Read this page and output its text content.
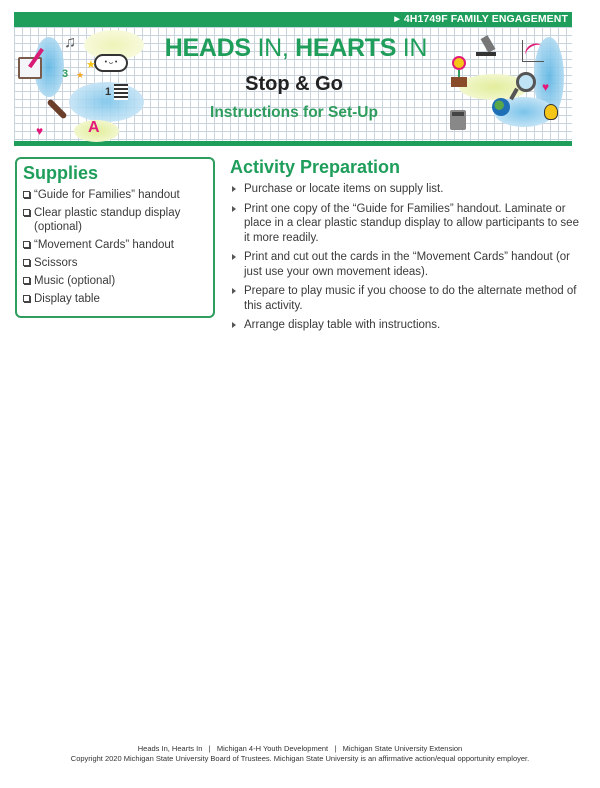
▶ 4H1749F FAMILY ENGAGEMENT
♫
• ᴗ •
★
★
3
1
A
♥
HEADS IN, HEARTS IN
Stop & Go
Instructions for Set-Up
♥
Supplies
“Guide for Families” handout
Clear plastic standup display (optional)
“Movement Cards” handout
Scissors
Music (optional)
Display table
Activity Preparation
Purchase or locate items on supply list.
Print one copy of the “Guide for Families” handout. Laminate or place in a clear plastic standup display to allow participants to see it more readily.
Print and cut out the cards in the “Movement Cards” handout (or just use your own movement ideas).
Prepare to play music if you choose to do the alternate method of this activity.
Arrange display table with instructions.
Heads In, Hearts In   |   Michigan 4-H Youth Development   |   Michigan State University Extension
Copyright 2020 Michigan State University Board of Trustees. Michigan State University is an affirmative action/equal opportunity employer.
